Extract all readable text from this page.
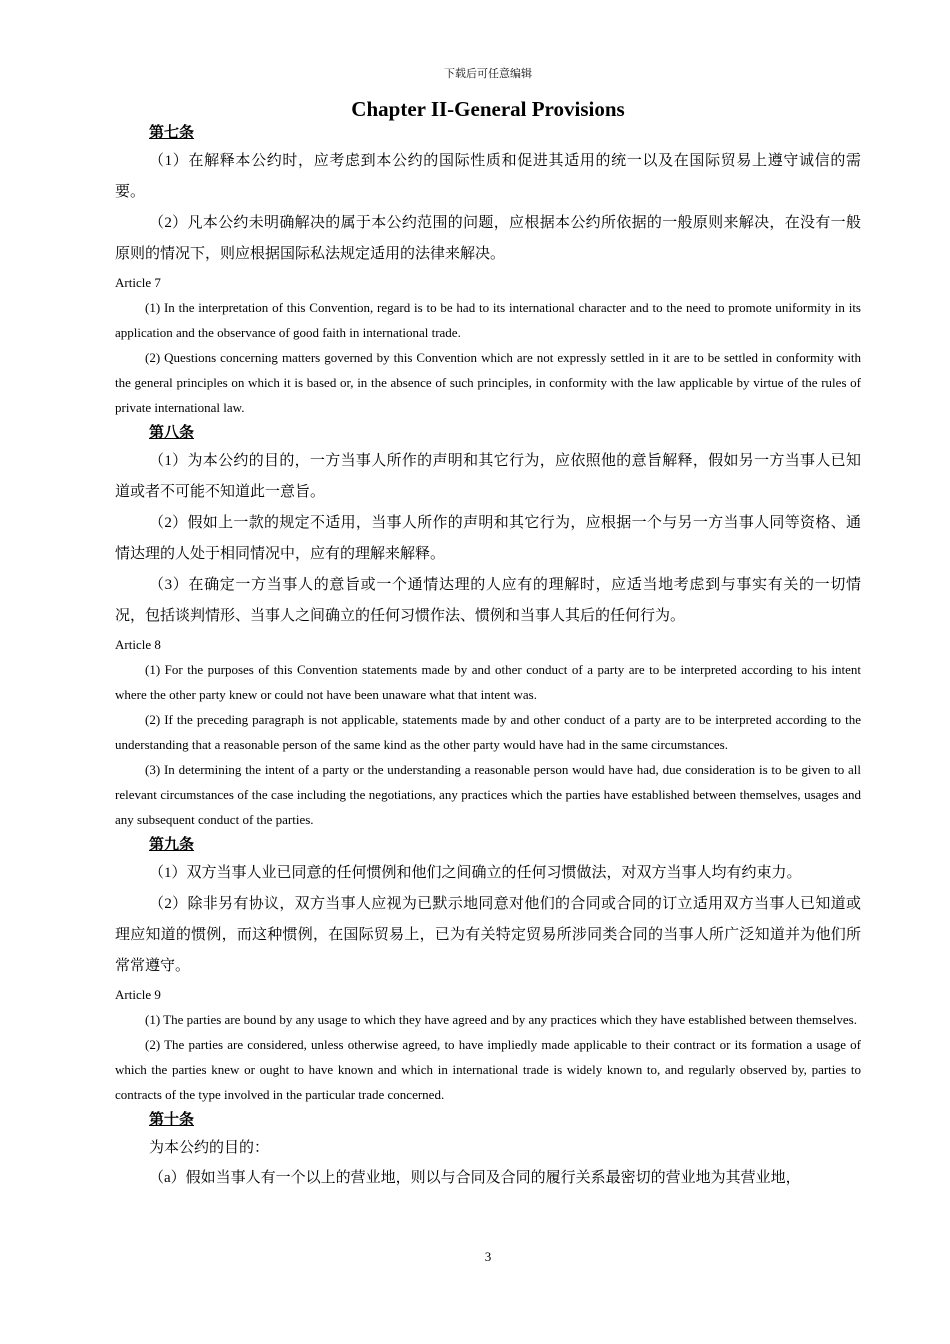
下载后可任意编辑
Chapter II-General Provisions

第七条

（1）在解释本公约时，应考虑到本公约的国际性质和促进其适用的统一以及在国际贸易上遵守诚信的需要。

（2）凡本公约未明确解决的属于本公约范围的问题，应根据本公约所依据的一般原则来解决，在没有一般原则的情况下，则应根据国际私法规定适用的法律来解决。

Article 7

(1) In the interpretation of this Convention, regard is to be had to its international character and to the need to promote uniformity in its application and the observance of good faith in international trade.

(2) Questions concerning matters governed by this Convention which are not expressly settled in it are to be settled in conformity with the general principles on which it is based or, in the absence of such principles, in conformity with the law applicable by virtue of the rules of private international law.

第八条

（1）为本公约的目的，一方当事人所作的声明和其它行为，应依照他的意旨解释，假如另一方当事人已知道或者不可能不知道此一意旨。

（2）假如上一款的规定不适用，当事人所作的声明和其它行为，应根据一个与另一方当事人同等资格、通情达理的人处于相同情况中，应有的理解来解释。

（3）在确定一方当事人的意旨或一个通情达理的人应有的理解时，应适当地考虑到与事实有关的一切情况，包括谈判情形、当事人之间确立的任何习惯作法、惯例和当事人其后的任何行为。

Article 8

(1) For the purposes of this Convention statements made by and other conduct of a party are to be interpreted according to his intent where the other party knew or could not have been unaware what that intent was.

(2) If the preceding paragraph is not applicable, statements made by and other conduct of a party are to be interpreted according to the understanding that a reasonable person of the same kind as the other party would have had in the same circumstances.

(3) In determining the intent of a party or the understanding a reasonable person would have had, due consideration is to be given to all relevant circumstances of the case including the negotiations, any practices which the parties have established between themselves, usages and any subsequent conduct of the parties.

第九条

（1）双方当事人业已同意的任何惯例和他们之间确立的任何习惯做法，对双方当事人均有约束力。

（2）除非另有协议，双方当事人应视为已默示地同意对他们的合同或合同的订立适用双方当事人已知道或理应知道的惯例，而这种惯例，在国际贸易上，已为有关特定贸易所涉同类合同的当事人所广泛知道并为他们所常常遵守。

Article 9

(1) The parties are bound by any usage to which they have agreed and by any practices which they have established between themselves.

(2) The parties are considered, unless otherwise agreed, to have impliedly made applicable to their contract or its formation a usage of which the parties knew or ought to have known and which in international trade is widely known to, and regularly observed by, parties to contracts of the type involved in the particular trade concerned.

第十条

为本公约的目的：

（a）假如当事人有一个以上的营业地，则以与合同及合同的履行关系最密切的营业地为其营业地，

3
